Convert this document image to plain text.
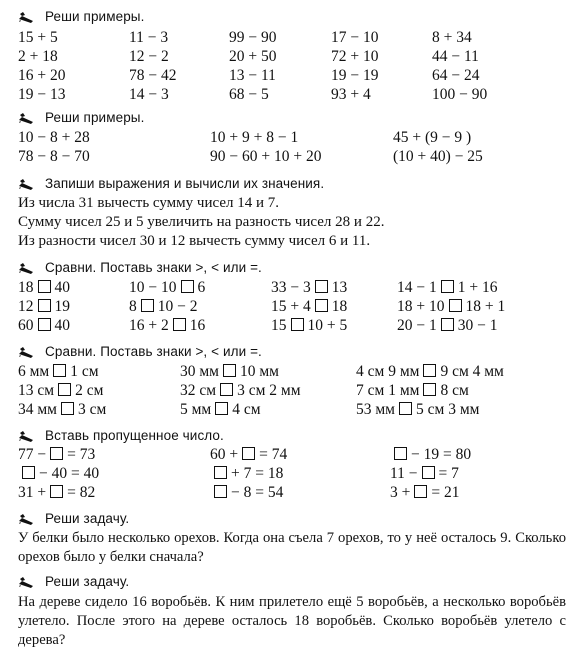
Реши примеры.
15 + 5	11 − 3	99 − 90	17 − 10	8 + 34
2 + 18	12 − 2	20 + 50	72 + 10	44 − 11
16 + 20	78 − 42	13 − 11	19 − 19	64 − 24
19 − 13	14 − 3	68 − 5	93 + 4	100 − 90
Реши примеры.
10 − 8 + 28	10 + 9 + 8 − 1	45 + (9 − 9 )
78 − 8 − 70	90 − 60 + 10 + 20	(10 + 40) − 25
Запиши выражения и вычисли их значения.
Из числа 31 вычесть сумму чисел 14 и 7.
Сумму чисел 25 и 5 увеличить на разность чисел 28 и 22.
Из разности чисел 30 и 12 вычесть сумму чисел 6 и 11.
Сравни. Поставь знаки >, < или =.
18 40	10 − 10 6	33 − 3 13	14 − 1 1 + 16
12 19	8 10 − 2	15 + 4 18	18 + 10 18 + 1
60 40	16 + 2 16	15 10 + 5	20 − 1 30 − 1
Сравни. Поставь знаки >, < или =.
6 мм 1 см	30 мм 10 мм	4 см 9 мм 9 см 4 мм
13 см 2 см	32 см 3 см 2 мм	7 см 1 мм 8 см
34 мм 3 см	5 мм 4 см	53 мм 5 см 3 мм
Вставь пропущенное число.
77 − = 73	60 + = 74	− 19 = 80
− 40 = 40	+ 7 = 18	11 − = 7
31 + = 82	− 8 = 54	3 + = 21
Реши задачу.
У белки было несколько орехов. Когда она съела 7 орехов, то у неё осталось 9. Сколько орехов было у белки сначала?
Реши задачу.
На дереве сидело 16 воробьёв. К ним прилетело ещё 5 воробьёв, а несколько воробьёв улетело. После этого на дереве осталось 18 воробьёв. Сколько воробьёв улетело с дерева?
